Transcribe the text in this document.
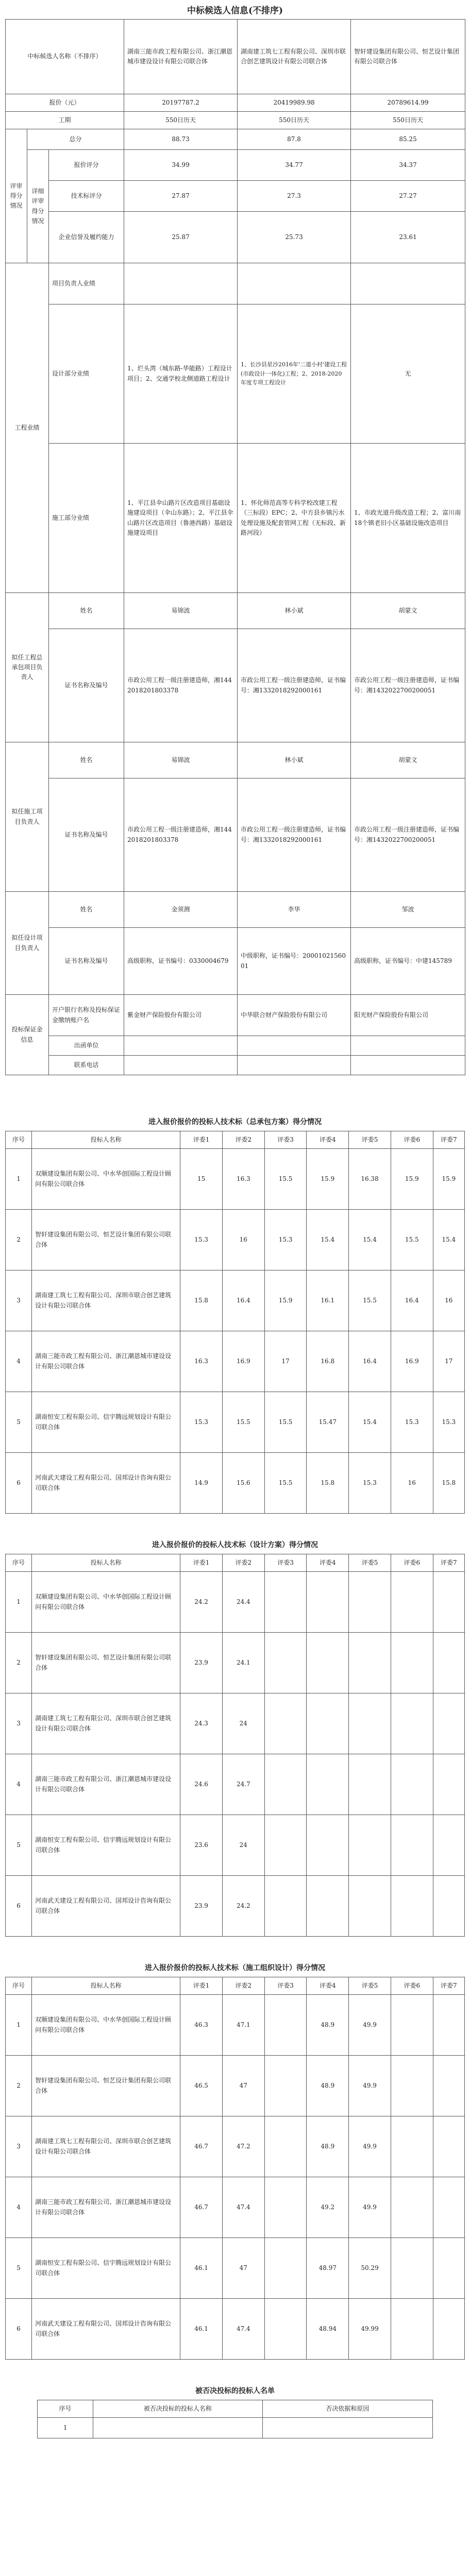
中标候选人信息(不排序)
中标候选人名称（不排序）			湖南三能市政工程有限公司、浙江潮恩城市建设设计有限公司联合体	湖南建工筑七工程有限公司、深圳市联合创艺建筑设计有限公司联合体	智轩建设集团有限公司、恒艺设计集团有限公司联合体
报价（元）			20197787.2	20419989.98	20789614.99
工期			550日历天	550日历天	550日历天
评审得分情况	总分		88.73	87.8	85.25
	详细评审得分情况	报价评分	34.99	34.77	34.37
		技术标评分	27.87	27.3	27.27
		企业信誉及履约能力	25.87	25.73	23.61
工程业绩		项目负责人业绩			
		设计部分业绩	1、烂头湾（城东路-华能路）工程设计项目；2、交通学校北侧道路工程设计	1、长沙县星沙2016年'二道小村'建设工程(市政设计一体化)工程；2、2018-2020年度专项工程设计	无
		施工部分业绩	1、平江县伞山路片区改造项目基础设施建设项目（伞山东路）；2、平江县伞山路片区改造项目（鲁港西路）基础设施建设项目	1、怀化师范高等专科学校改建工程（三标段）EPC；2、中方县乡镇污水处理设施及配套管网工程（无标段、新路河段）	1、市政光道升级改造工程；2、富川南18个镇老旧小区基础设施改造项目
拟任工程总承包项目负责人		姓名	易锦波	林小斌	胡蒙文
		证书名称及编号	市政公用工程一级注册建造师，湘1442018201803378	市政公用工程一级注册建造师，证书编号：湘1332018292000161	市政公用工程一级注册建造师，证书编号：湘1432022700200051
拟任施工项目负责人		姓名	易锦波	林小斌	胡蒙文
		证书名称及编号	市政公用工程一级注册建造师，湘1442018201803378	市政公用工程一级注册建造师，证书编号：湘1332018292000161	市政公用工程一级注册建造师，证书编号：湘1432022700200051
拟任设计项目负责人		姓名	金须测	李华	邹波
		证书名称及编号	高级职称，证书编号：0330004679	中级职称，证书编号：2000102156001	高级职称，证书编号：中建145789
投标保证金信息		开户银行名称及投标保证金缴纳账户名	紫金财产保险股份有限公司	中华联合财产保险股份有限公司	阳光财产保险股份有限公司
		出函单位			
		联系电话			
进入报价报价的投标人技术标（总承包方案）得分情况
序号	投标人名称	评委1	评委2	评委3	评委4	评委5	评委6	评委7
1	双顺建设集团有限公司、中水华创国际工程设计顾问有限公司联合体	15	16.3	15.5	15.9	16.38	15.9	15.9
2	智轩建设集团有限公司、恒艺设计集团有限公司联合体	15.3	16	15.3	15.4	15.4	15.5	15.4
3	湖南建工筑七工程有限公司、深圳市联合创艺建筑设计有限公司联合体	15.8	16.4	15.9	16.1	15.5	16.4	16
4	湖南三能市政工程有限公司、浙江潮恩城市建设设计有限公司联合体	16.3	16.9	17	16.8	16.4	16.9	17
5	湖南恒安工程有限公司、信宇腾远规划设计有限公司联合体	15.3	15.5	15.5	15.47	15.4	15.3	15.3
6	河南武天建设工程有限公司、国邦设计咨询有限公司联合体	14.9	15.6	15.5	15.8	15.3	16	15.8
进入报价报价的投标人技术标（设计方案）得分情况
序号	投标人名称	评委1	评委2	评委3	评委4	评委5	评委6	评委7
1	双顺建设集团有限公司、中水华创国际工程设计顾问有限公司联合体	24.2	24.4					
2	智轩建设集团有限公司、恒艺设计集团有限公司联合体	23.9	24.1					
3	湖南建工筑七工程有限公司、深圳市联合创艺建筑设计有限公司联合体	24.3	24					
4	湖南三能市政工程有限公司、浙江潮恩城市建设设计有限公司联合体	24.6	24.7					
5	湖南恒安工程有限公司、信宇腾远规划设计有限公司联合体	23.6	24					
6	河南武天建设工程有限公司、国邦设计咨询有限公司联合体	23.9	24.2					
进入报价报价的投标人技术标（施工组织设计）得分情况
序号	投标人名称	评委1	评委2	评委3	评委4	评委5	评委6	评委7
1	双顺建设集团有限公司、中水华创国际工程设计顾问有限公司联合体	46.3	47.1		48.9	49.9		
2	智轩建设集团有限公司、恒艺设计集团有限公司联合体	46.5	47		48.9	49.9		
3	湖南建工筑七工程有限公司、深圳市联合创艺建筑设计有限公司联合体	46.7	47.2		48.9	49.9		
4	湖南三能市政工程有限公司、浙江潮恩城市建设设计有限公司联合体	46.7	47.4		49.2	49.9		
5	湖南恒安工程有限公司、信宇腾远规划设计有限公司联合体	46.1	47		48.97	50.29		
6	河南武天建设工程有限公司、国邦设计咨询有限公司联合体	46.1	47.4		48.94	49.99		
被否决投标的投标人名单
序号	被否决投标的投标人名称	否决依据和原因
1		
